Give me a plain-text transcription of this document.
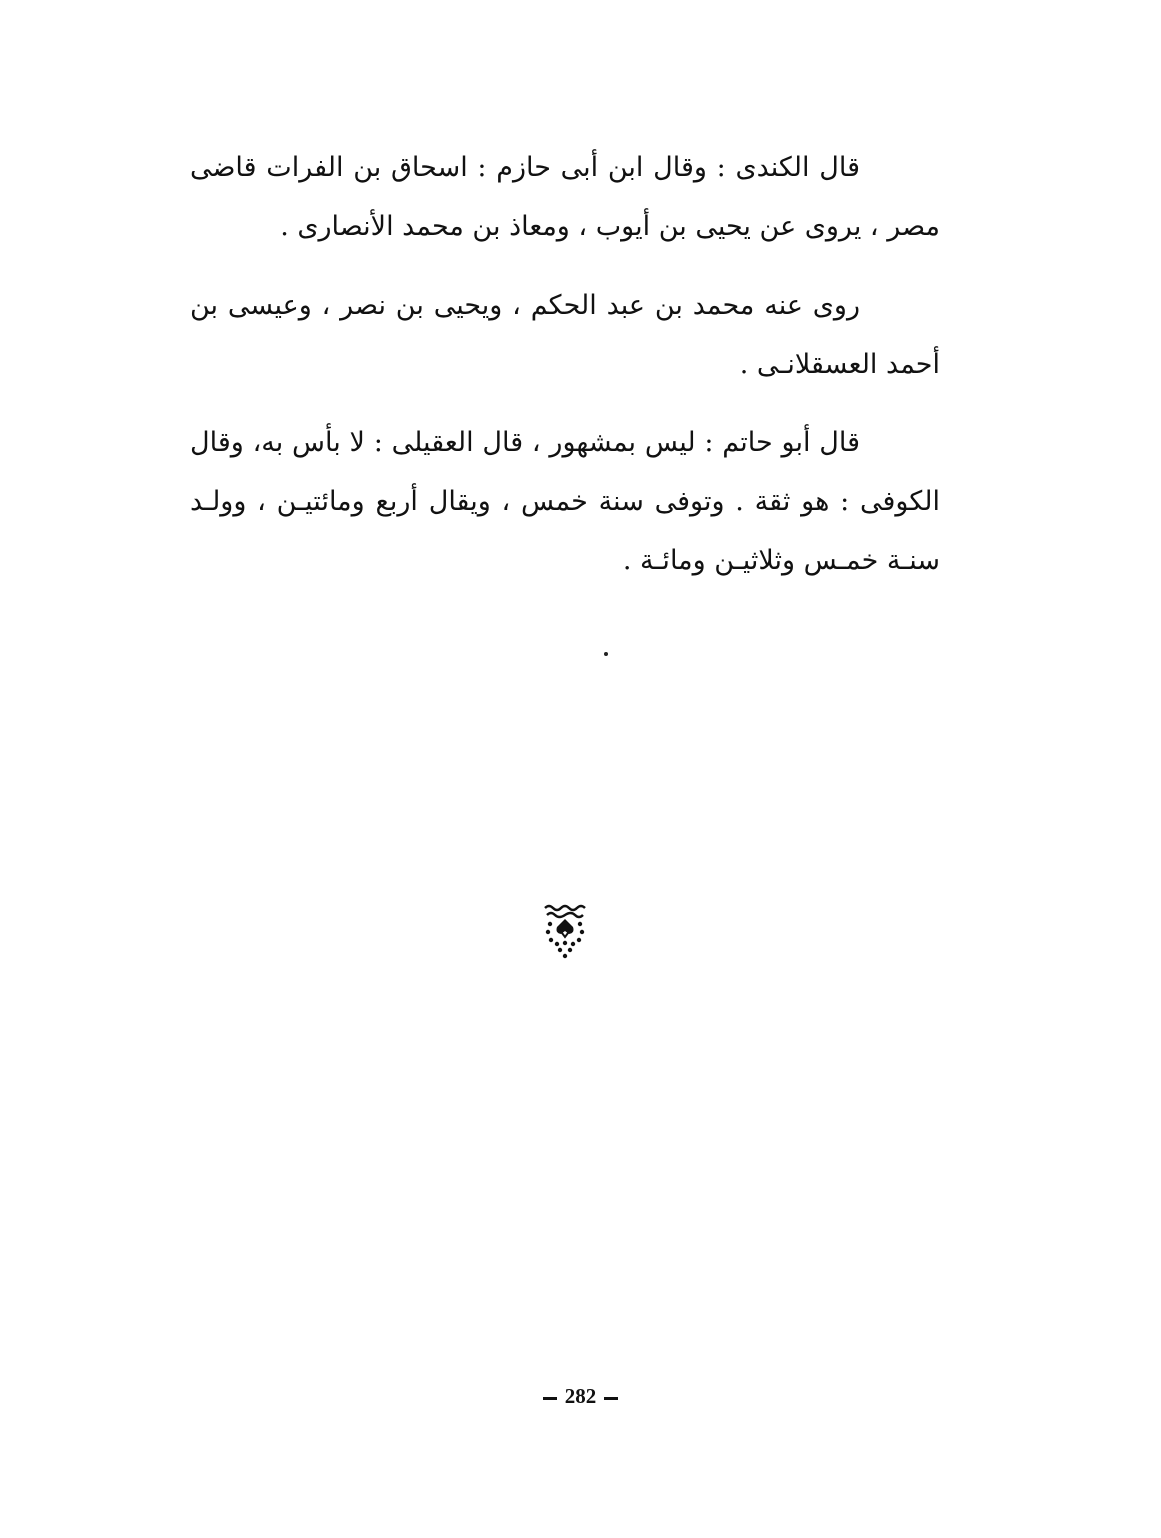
قال الكندى : وقال ابن أبى حازم : اسحاق بن الفرات قاضى مصر ، يروى عن يحيى بن أيوب ، ومعاذ بن محمد الأنصارى .

روى عنه محمد بن عبد الحكم ، ويحيى بن نصر ، وعيسى بن أحمد العسقلانـى .

قال أبو حاتم : ليس بمشهور ، قال العقيلى : لا بأس به، وقال الكوفى : هو ثقة . وتوفى سنة خمس ، ويقال أربع ومائتيـن ، وولـد سنـة خمـس وثلاثيـن ومائـة .

282
